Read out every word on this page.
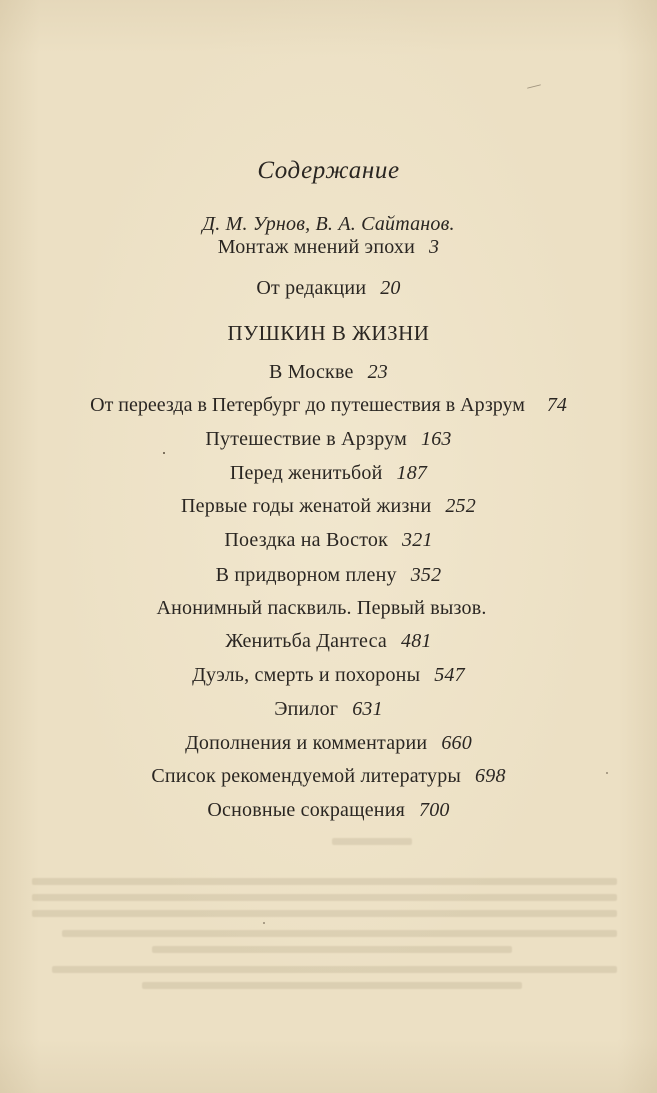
Содержание
Д. М. Урнов, В. А. Сайтанов.
Монтаж мнений эпохи 3
От редакции 20
ПУШКИН В ЖИЗНИ
В Москве 23
От переезда в Петербург до путешествия в Арзрум 74
Путешествие в Арзрум 163
Перед женитьбой 187
Первые годы женатой жизни 252
Поездка на Восток 321
В придворном плену 352
Анонимный пасквиль. Первый вызов.
Женитьба Дантеса 481
Дуэль, смерть и похороны 547
Эпилог 631
Дополнения и комментарии 660
Список рекомендуемой литературы 698
Основные сокращения 700
